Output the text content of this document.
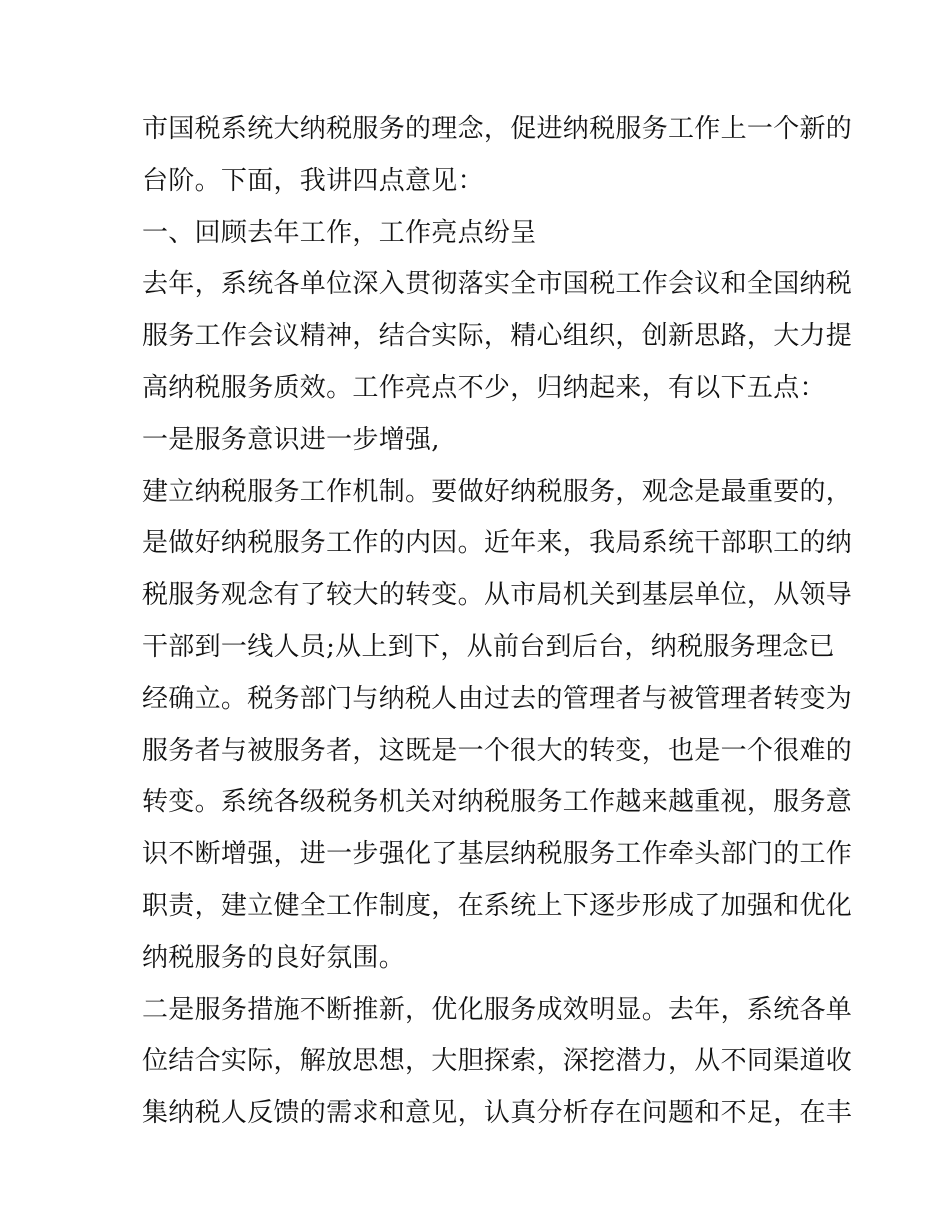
市国税系统大纳税服务的理念，促进纳税服务工作上一个新的
台阶。下面，我讲四点意见：
一、回顾去年工作，工作亮点纷呈
去年，系统各单位深入贯彻落实全市国税工作会议和全国纳税
服务工作会议精神，结合实际，精心组织，创新思路，大力提
高纳税服务质效。工作亮点不少，归纳起来，有以下五点：
一是服务意识进一步增强,
建立纳税服务工作机制。要做好纳税服务，观念是最重要的，
是做好纳税服务工作的内因。近年来，我局系统干部职工的纳
税服务观念有了较大的转变。从市局机关到基层单位，从领导
干部到一线人员;从上到下，从前台到后台，纳税服务理念已
经确立。税务部门与纳税人由过去的管理者与被管理者转变为
服务者与被服务者，这既是一个很大的转变，也是一个很难的
转变。系统各级税务机关对纳税服务工作越来越重视，服务意
识不断增强，进一步强化了基层纳税服务工作牵头部门的工作
职责，建立健全工作制度，在系统上下逐步形成了加强和优化
纳税服务的良好氛围。
二是服务措施不断推新，优化服务成效明显。去年，系统各单
位结合实际，解放思想，大胆探索，深挖潜力，从不同渠道收
集纳税人反馈的需求和意见，认真分析存在问题和不足，在丰
